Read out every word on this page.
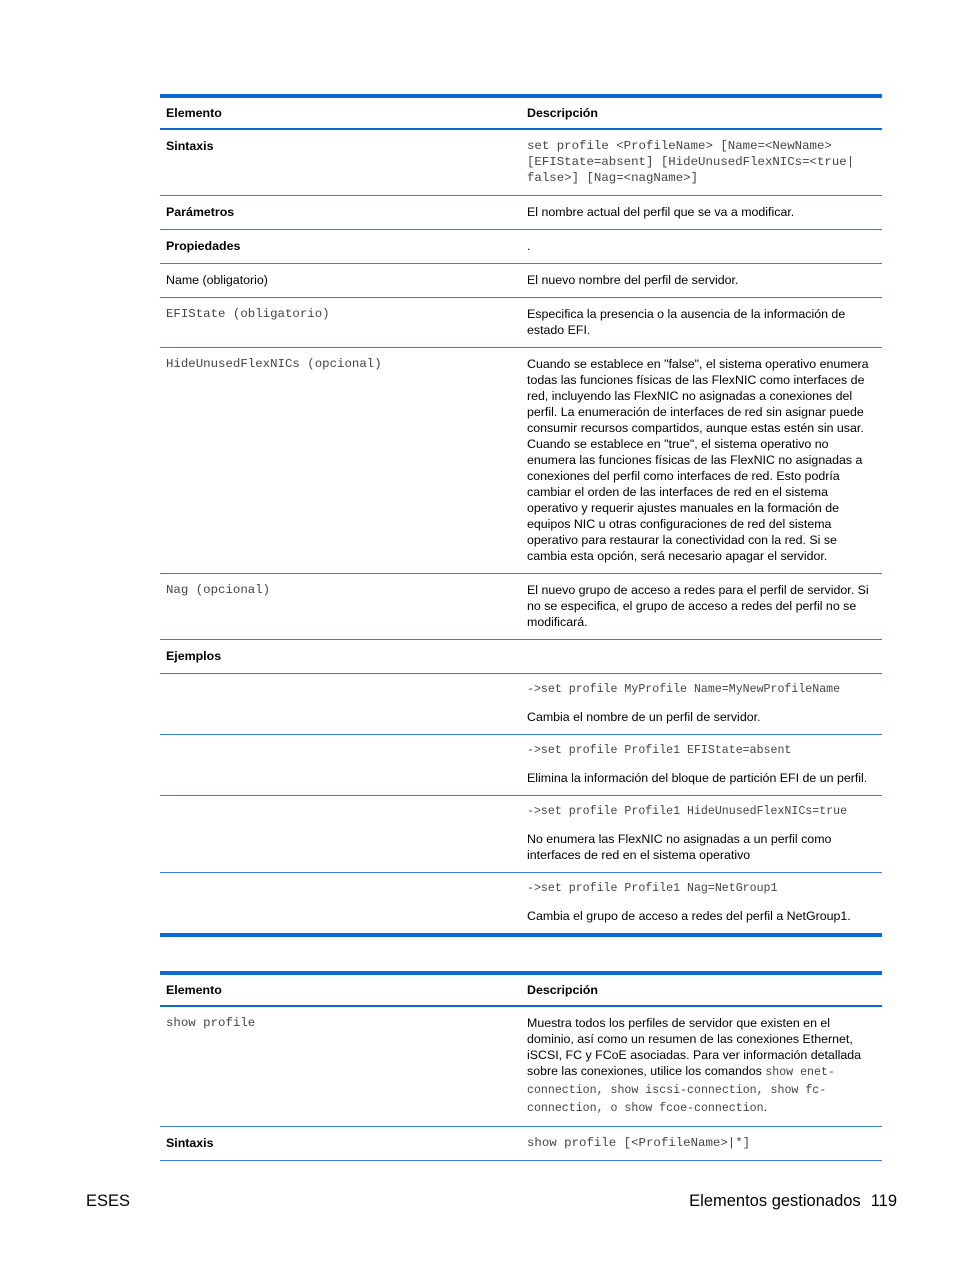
Elemento	Descripción
Sintaxis	set profile <ProfileName> [Name=<NewName> [EFIState=absent] [HideUnusedFlexNICs=<true| false>] [Nag=<nagName>]
Parámetros	El nombre actual del perfil que se va a modificar.
Propiedades	.
Name (obligatorio)	El nuevo nombre del perfil de servidor.
EFIState (obligatorio)	Especifica la presencia o la ausencia de la información de estado EFI.
HideUnusedFlexNICs (opcional)	Cuando se establece en "false", el sistema operativo enumera todas las funciones físicas de las FlexNIC como interfaces de red, incluyendo las FlexNIC no asignadas a conexiones del perfil. La enumeración de interfaces de red sin asignar puede consumir recursos compartidos, aunque estas estén sin usar. Cuando se establece en "true", el sistema operativo no enumera las funciones físicas de las FlexNIC no asignadas a conexiones del perfil como interfaces de red. Esto podría cambiar el orden de las interfaces de red en el sistema operativo y requerir ajustes manuales en la formación de equipos NIC u otras configuraciones de red del sistema operativo para restaurar la conectividad con la red. Si se cambia esta opción, será necesario apagar el servidor.
Nag (opcional)	El nuevo grupo de acceso a redes para el perfil de servidor. Si no se especifica, el grupo de acceso a redes del perfil no se modificará.
Ejemplos	

	->set profile MyProfile Name=MyNewProfileName
Cambia el nombre de un perfil de servidor.

	->set profile Profile1 EFIState=absent
Elimina la información del bloque de partición EFI de un perfil.

	->set profile Profile1 HideUnusedFlexNICs=true
No enumera las FlexNIC no asignadas a un perfil como interfaces de red en el sistema operativo

	->set profile Profile1 Nag=NetGroup1
Cambia el grupo de acceso a redes del perfil a NetGroup1.
Elemento	Descripción
show profile	Muestra todos los perfiles de servidor que existen en el dominio, así como un resumen de las conexiones Ethernet, iSCSI, FC y FCoE asociadas. Para ver información detallada sobre las conexiones, utilice los comandos show enet-connection, show iscsi-connection, show fc-connection, o show fcoe-connection.
Sintaxis	show profile [<ProfileName>|*]
ESES	Elementos gestionados 119
